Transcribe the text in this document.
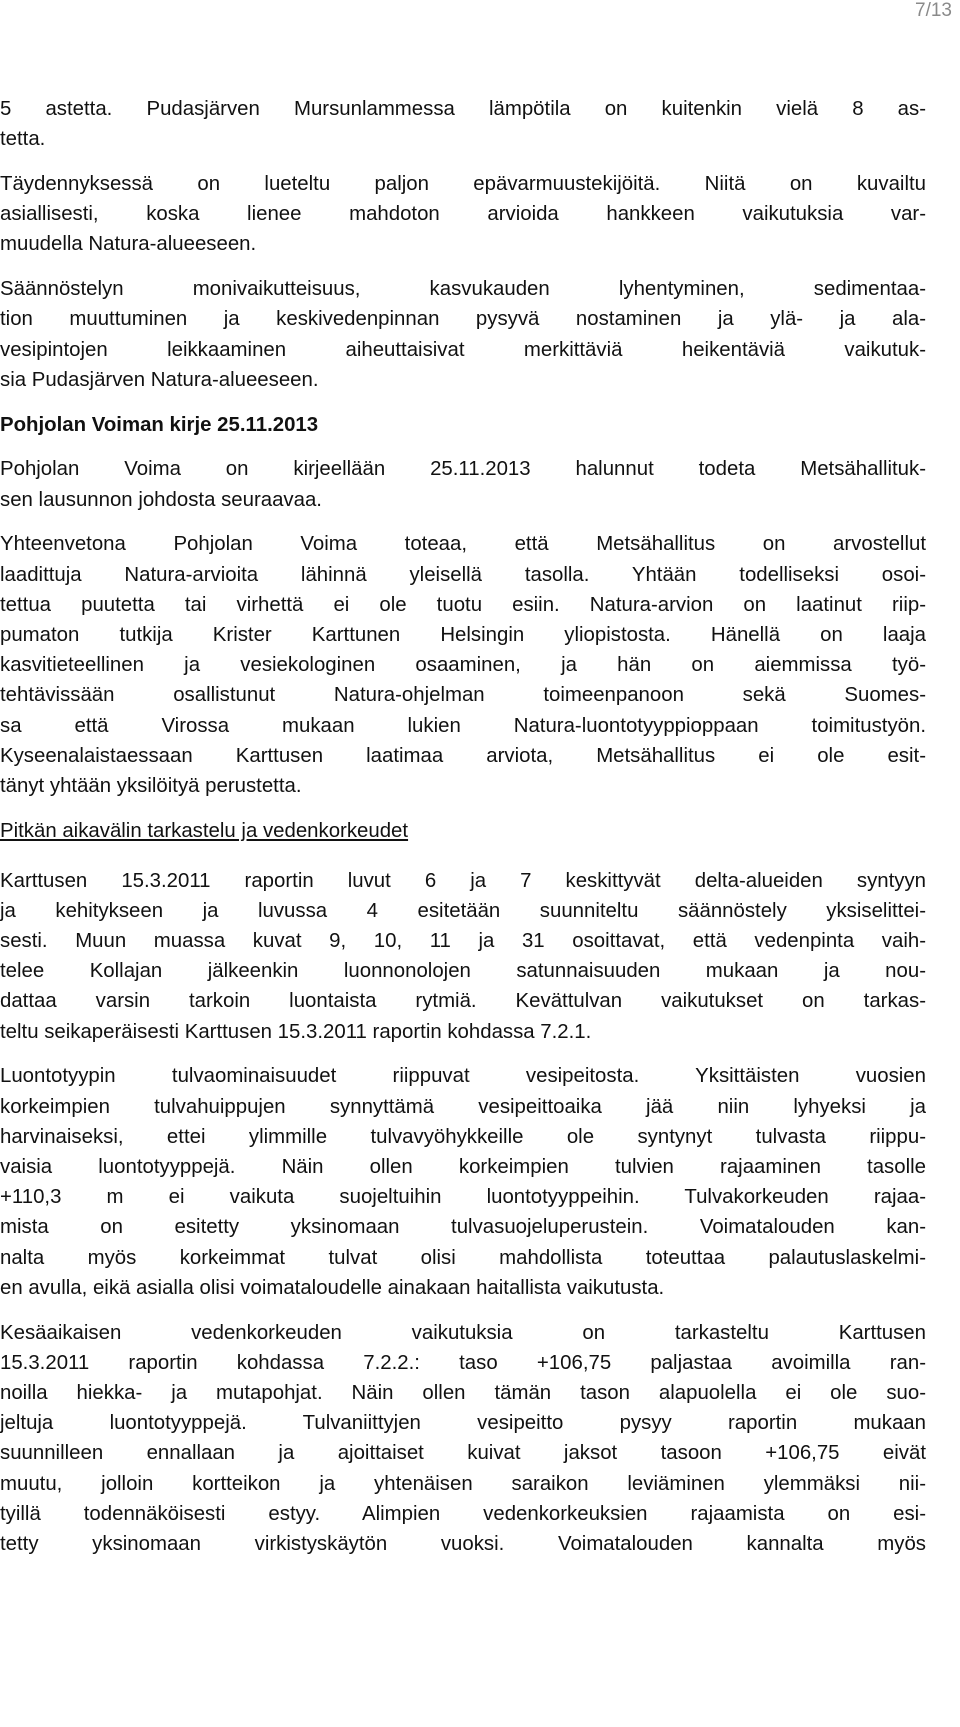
7/13
5 astetta. Pudasjärven Mursunlammessa lämpötila on kuitenkin vielä 8 as-
tetta.
Täydennyksessä on lueteltu paljon epävarmuustekijöitä. Niitä on kuvailtu
asiallisesti, koska lienee mahdoton arvioida hankkeen vaikutuksia var-
muudella Natura-alueeseen.
Säännöstelyn monivaikutteisuus, kasvukauden lyhentyminen, sedimentaa-
tion muuttuminen ja keskivedenpinnan pysyvä nostaminen ja ylä- ja ala-
vesipintojen leikkaaminen aiheuttaisivat merkittäviä heikentäviä vaikutuk-
sia Pudasjärven Natura-alueeseen.
Pohjolan Voiman kirje 25.11.2013
Pohjolan Voima on kirjeellään 25.11.2013 halunnut todeta Metsähallituk-
sen lausunnon johdosta seuraavaa.
Yhteenvetona Pohjolan Voima toteaa, että Metsähallitus on arvostellut
laadittuja Natura-arvioita lähinnä yleisellä tasolla. Yhtään todelliseksi osoi-
tettua puutetta tai virhettä ei ole tuotu esiin. Natura-arvion on laatinut riip-
pumaton tutkija Krister Karttunen Helsingin yliopistosta. Hänellä on laaja
kasvitieteellinen ja vesiekologinen osaaminen, ja hän on aiemmissa työ-
tehtävissään osallistunut Natura-ohjelman toimeenpanoon sekä Suomes-
sa että Virossa mukaan lukien Natura-luontotyyppioppaan toimitustyön.
Kyseenalaistaessaan Karttusen laatimaa arviota, Metsähallitus ei ole esit-
tänyt yhtään yksilöityä perustetta.
Pitkän aikavälin tarkastelu ja vedenkorkeudet
Karttusen 15.3.2011 raportin luvut 6 ja 7 keskittyvät delta-alueiden syntyyn
ja kehitykseen ja luvussa 4 esitetään suunniteltu säännöstely yksiselittei-
sesti. Muun muassa kuvat 9, 10, 11 ja 31 osoittavat, että vedenpinta vaih-
telee Kollajan jälkeenkin luonnonolojen satunnaisuuden mukaan ja nou-
dattaa varsin tarkoin luontaista rytmiä. Kevättulvan vaikutukset on tarkas-
teltu seikaperäisesti Karttusen 15.3.2011 raportin kohdassa 7.2.1.
Luontotyypin tulvaominaisuudet riippuvat vesipeitosta. Yksittäisten vuosien
korkeimpien tulvahuippujen synnyttämä vesipeittoaika jää niin lyhyeksi ja
harvinaiseksi, ettei ylimmille tulvavyöhykkeille ole syntynyt tulvasta riippu-
vaisia luontotyyppejä. Näin ollen korkeimpien tulvien rajaaminen tasolle
+110,3 m ei vaikuta suojeltuihin luontotyyppeihin. Tulvakorkeuden rajaa-
mista on esitetty yksinomaan tulvasuojeluperustein. Voimatalouden kan-
nalta myös korkeimmat tulvat olisi mahdollista toteuttaa palautuslaskelmi-
en avulla, eikä asialla olisi voimataloudelle ainakaan haitallista vaikutusta.
Kesäaikaisen vedenkorkeuden vaikutuksia on tarkasteltu Karttusen
15.3.2011 raportin kohdassa 7.2.2.: taso +106,75 paljastaa avoimilla ran-
noilla hiekka- ja mutapohjat. Näin ollen tämän tason alapuolella ei ole suo-
jeltuja luontotyyppejä. Tulvaniittyjen vesipeitto pysyy raportin mukaan
suunnilleen ennallaan ja ajoittaiset kuivat jaksot tasoon +106,75 eivät
muutu, jolloin kortteikon ja yhtenäisen saraikon leviäminen ylemmäksi nii-
tyillä todennäköisesti estyy. Alimpien vedenkorkeuksien rajaamista on esi-
tetty yksinomaan virkistyskäytön vuoksi. Voimatalouden kannalta myös
